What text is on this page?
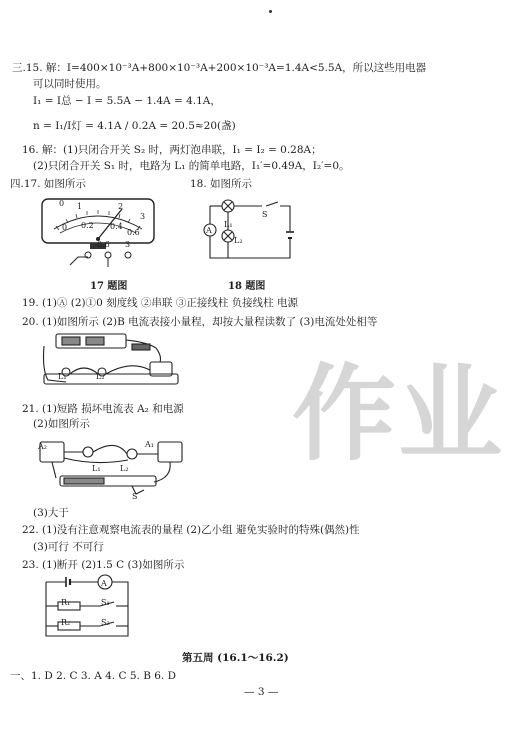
作业
三.15. 解：I=400×10⁻³A+800×10⁻³A+200×10⁻³A=1.4A<5.5A，所以这些用电器
可以同时使用。
I₁ = I总 − I = 5.5A − 1.4A = 4.1A，
n = I₁/I灯 = 4.1A / 0.2A = 20.5≈20(盏)
16. 解：(1)只闭合开关 S₂ 时，两灯泡串联，I₁ = I₂ = 0.28A；
(2)只闭合开关 S₁ 时，电路为 L₁ 的简单电路，I₁′=0.49A，I₂′=0。
四.17. 如图所示	18. 如图所示
0 1	2
3
0 0.2 0.4
0.6
0.6 3
17 题图
A
L₁
L₂
S
18 题图
19. (1)Ⓐ (2)①0 刻度线 ②串联 ③正接线柱 负接线柱 电源
20. (1)如图所示 (2)B 电流表接小量程，却按大量程读数了 (3)电流处处相等
L₁	L₂
21. (1)短路 损坏电流表 A₂ 和电源
(2)如图所示
A₂	A₁
L₁ L₂
S
(3)大于
22. (1)没有注意观察电流表的量程 (2)乙小组 避免实验时的特殊(偶然)性
(3)可行 不可行
23. (1)断开 (2)1.5 C (3)如图所示
A
R₁	S₁
R₂	S₂
第五周 (16.1～16.2)
一、1. D 2. C 3. A 4. C 5. B 6. D
— 3 —
